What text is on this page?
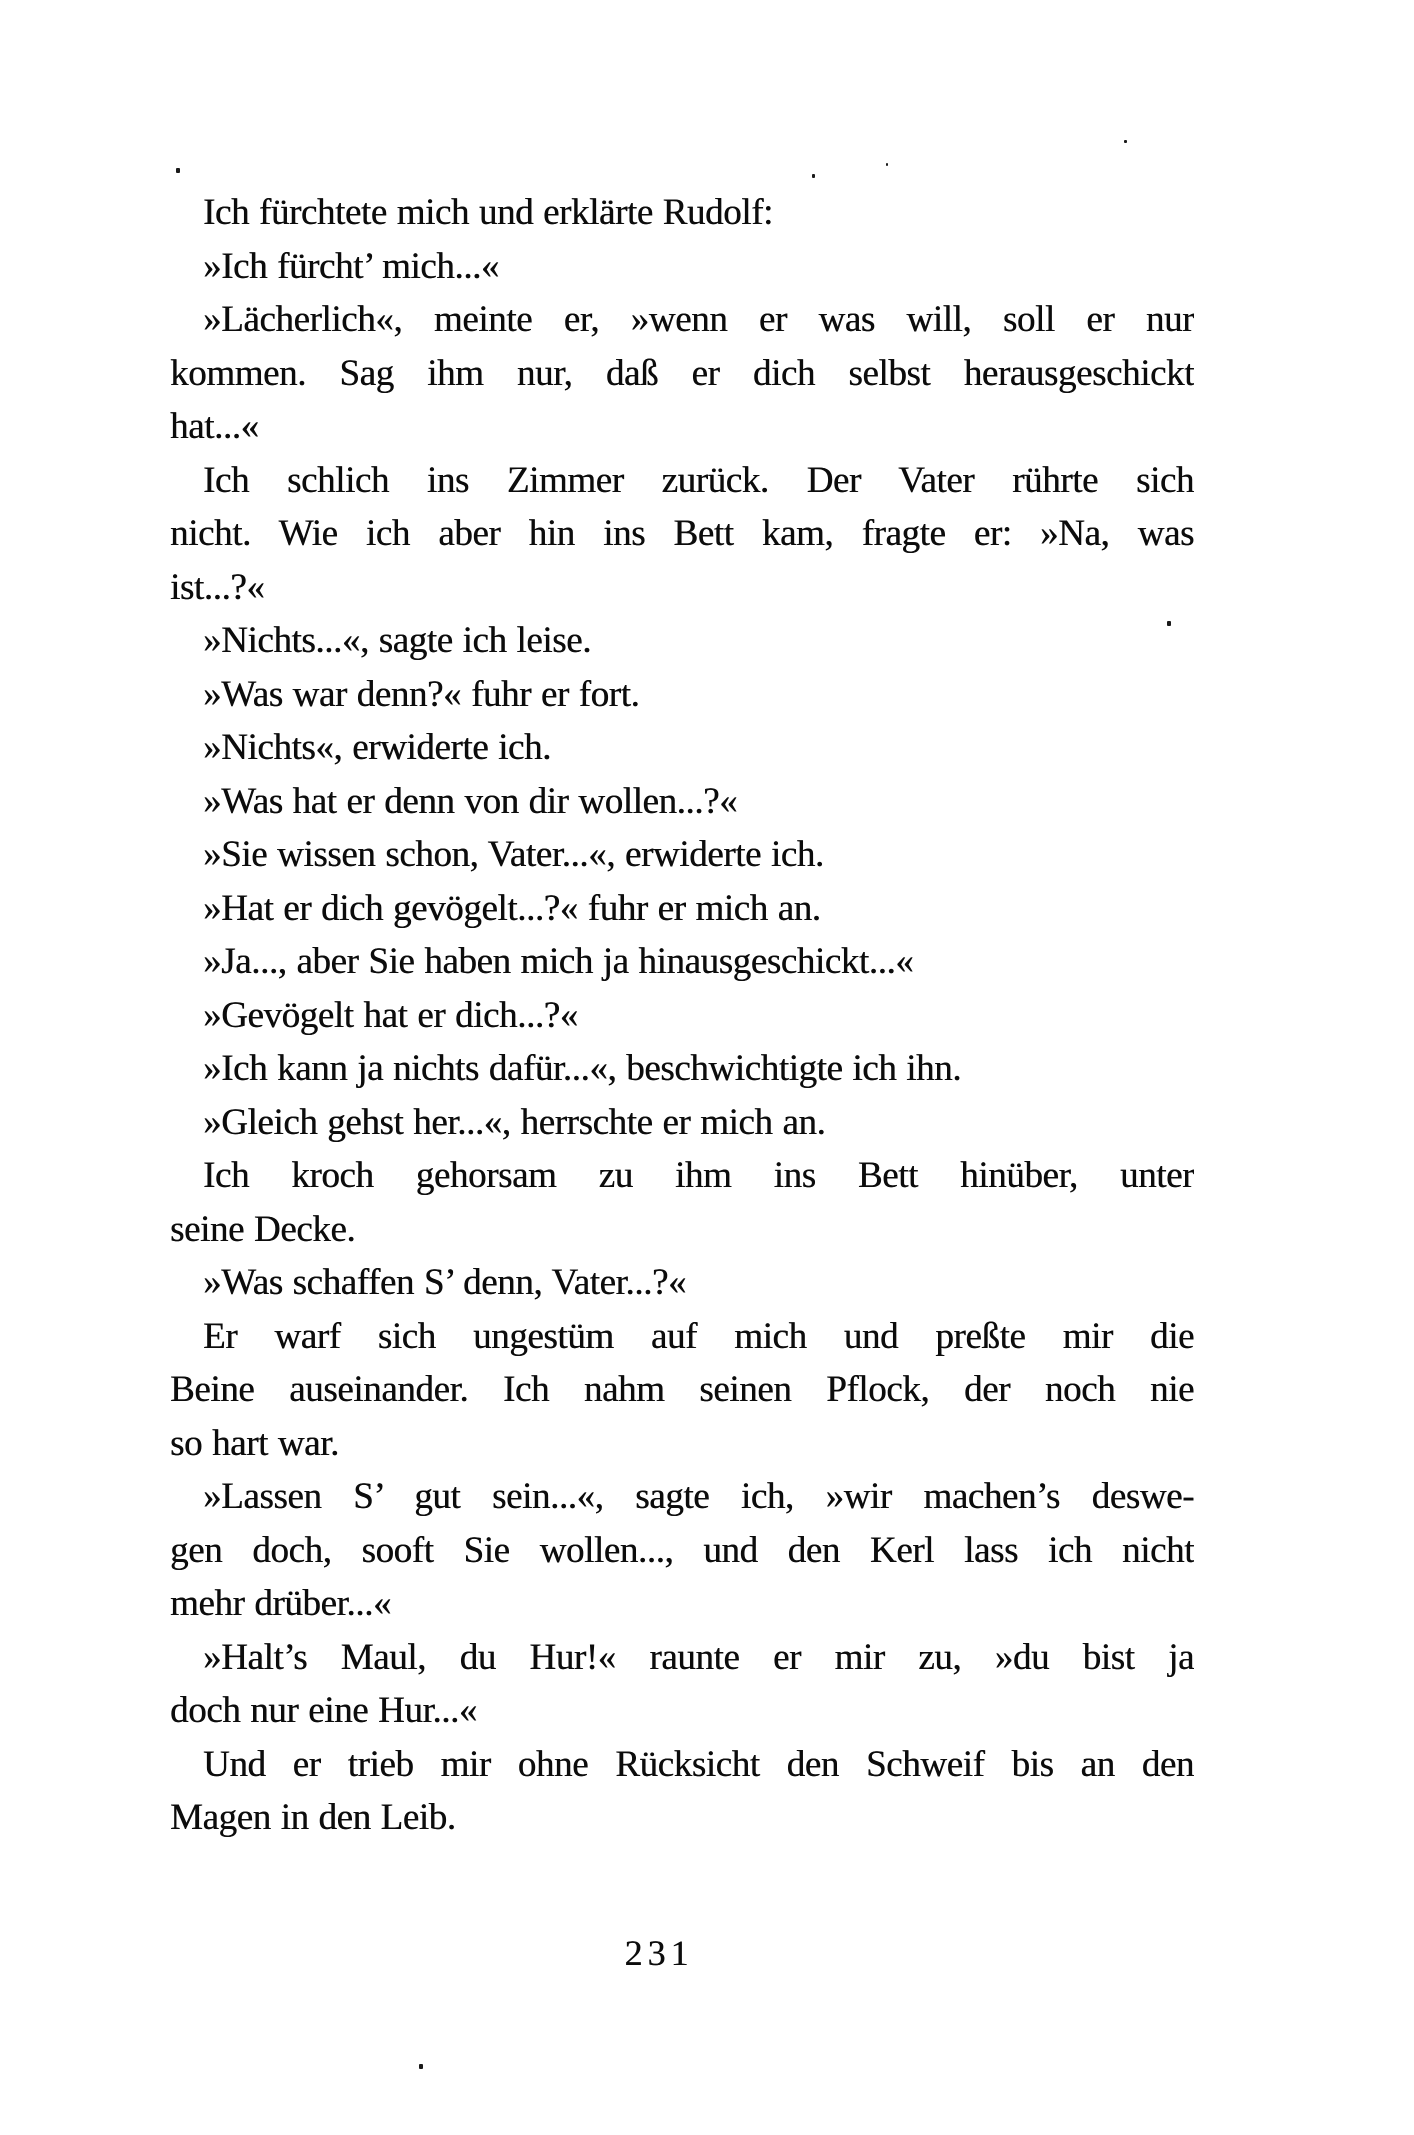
Ich fürchtete mich und erklärte Rudolf:
»Ich fürcht’ mich...«
»Lächerlich«, meinte er, »wenn er was will, soll er nur
kommen. Sag ihm nur, daß er dich selbst herausgeschickt
hat...«
Ich schlich ins Zimmer zurück. Der Vater rührte sich
nicht. Wie ich aber hin ins Bett kam, fragte er: »Na, was
ist...?«
»Nichts...«, sagte ich leise.
»Was war denn?« fuhr er fort.
»Nichts«, erwiderte ich.
»Was hat er denn von dir wollen...?«
»Sie wissen schon, Vater...«, erwiderte ich.
»Hat er dich gevögelt...?« fuhr er mich an.
»Ja..., aber Sie haben mich ja hinausgeschickt...«
»Gevögelt hat er dich...?«
»Ich kann ja nichts dafür...«, beschwichtigte ich ihn.
»Gleich gehst her...«, herrschte er mich an.
Ich kroch gehorsam zu ihm ins Bett hinüber, unter
seine Decke.
»Was schaffen S’ denn, Vater...?«
Er warf sich ungestüm auf mich und preßte mir die
Beine auseinander. Ich nahm seinen Pflock, der noch nie
so hart war.
»Lassen S’ gut sein...«, sagte ich, »wir machen’s deswe-
gen doch, sooft Sie wollen..., und den Kerl lass ich nicht
mehr drüber...«
»Halt’s Maul, du Hur!« raunte er mir zu, »du bist ja
doch nur eine Hur...«
Und er trieb mir ohne Rücksicht den Schweif bis an den
Magen in den Leib.
231
